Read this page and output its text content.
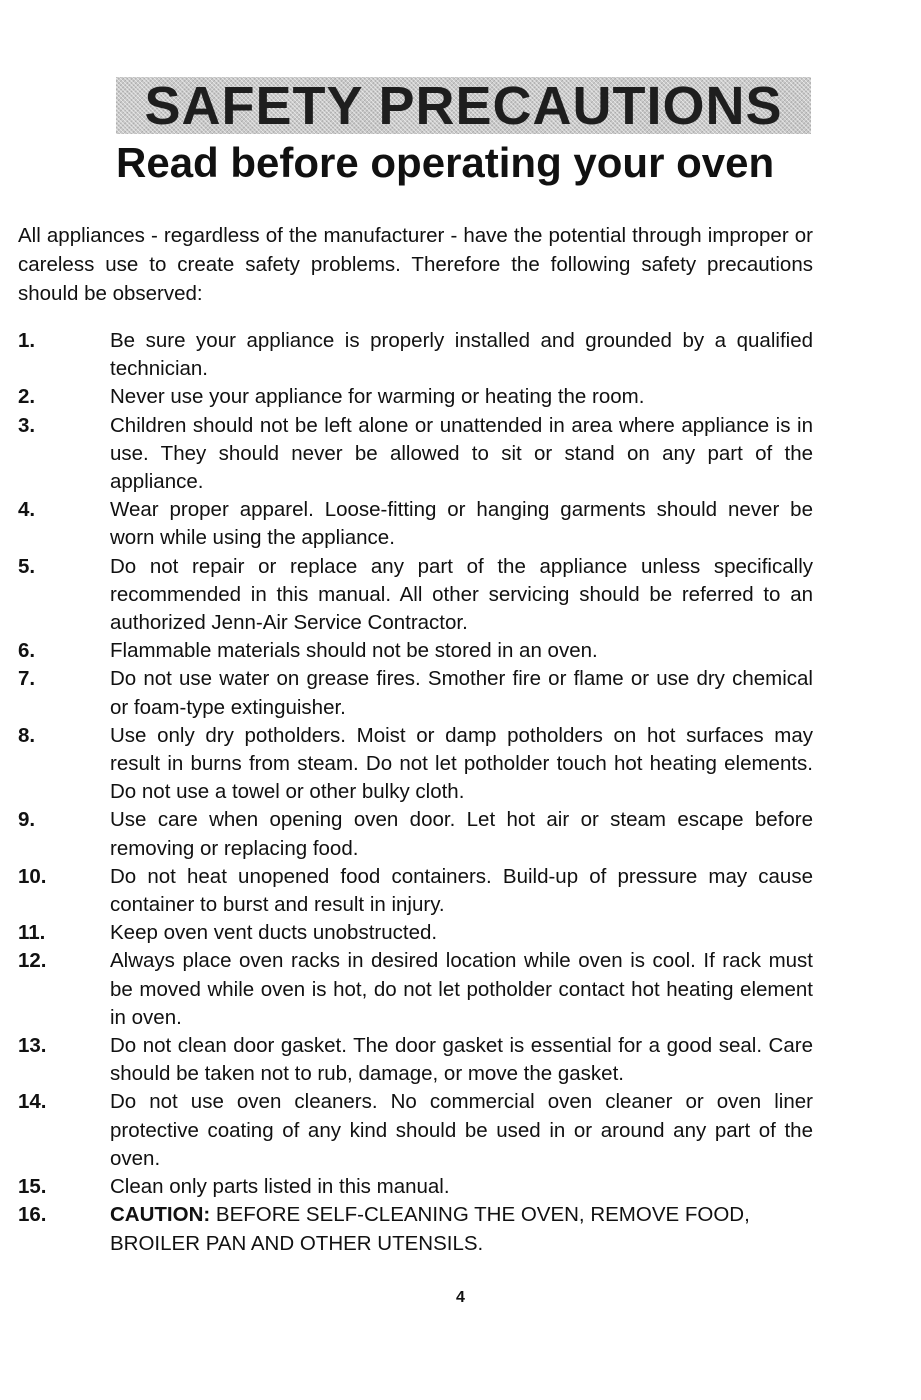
SAFETY PRECAUTIONS
Read before operating your oven

All appliances - regardless of the manufacturer - have the potential through improper or careless use to create safety problems. Therefore the following safety precautions should be observed:

1.	Be sure your appliance is properly installed and grounded by a qualified technician.
2.	Never use your appliance for warming or heating the room.
3.	Children should not be left alone or unattended in area where appliance is in use. They should never be allowed to sit or stand on any part of the appliance.
4.	Wear proper apparel. Loose-fitting or hanging garments should never be worn while using the appliance.
5.	Do not repair or replace any part of the appliance unless specifically recommended in this manual. All other servicing should be referred to an authorized Jenn-Air Service Contractor.
6.	Flammable materials should not be stored in an oven.
7.	Do not use water on grease fires. Smother fire or flame or use dry chemical or foam-type extinguisher.
8.	Use only dry potholders. Moist or damp potholders on hot surfaces may result in burns from steam. Do not let potholder touch hot heating elements. Do not use a towel or other bulky cloth.
9.	Use care when opening oven door. Let hot air or steam escape before removing or replacing food.
10.	Do not heat unopened food containers. Build-up of pressure may cause container to burst and result in injury.
11.	Keep oven vent ducts unobstructed.
12.	Always place oven racks in desired location while oven is cool. If rack must be moved while oven is hot, do not let potholder contact hot heating element in oven.
13.	Do not clean door gasket. The door gasket is essential for a good seal. Care should be taken not to rub, damage, or move the gasket.
14.	Do not use oven cleaners. No commercial oven cleaner or oven liner protective coating of any kind should be used in or around any part of the oven.
15.	Clean only parts listed in this manual.
16.	CAUTION: BEFORE SELF-CLEANING THE OVEN, REMOVE FOOD, BROILER PAN AND OTHER UTENSILS.
4
